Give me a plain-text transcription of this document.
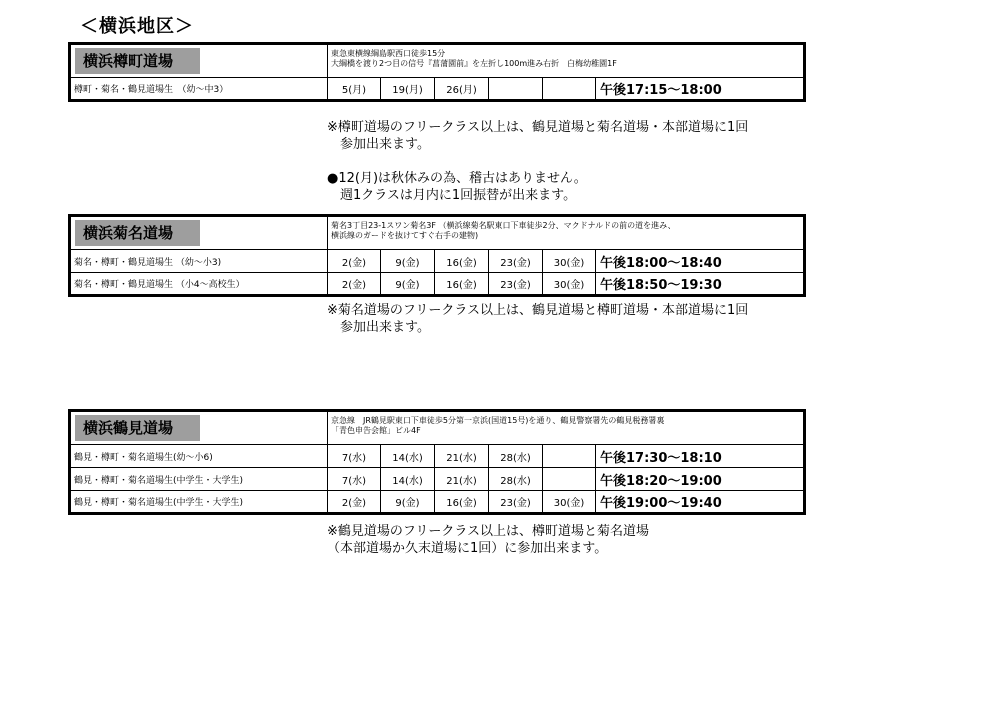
＜横浜地区＞
横浜樽町道場	東急東横線綱島駅西口徒歩15分
大綱橋を渡り2つ目の信号『菖蒲園前』を左折し100m進み右折　白梅幼稚園1F					
樽町・菊名・鶴見道場生　（幼～中3）	5(月)	19(月)	26(月)			午後17:15～18:00
※樽町道場のフリークラス以上は、鶴見道場と菊名道場・本部道場に1回
　参加出来ます。

●12(月)は秋休みの為、稽古はありません。
　週1クラスは月内に1回振替が出来ます。
横浜菊名道場	菊名3丁目23-1スワン菊名3F （横浜線菊名駅東口下車徒歩2分、マクドナルドの前の道を進み、
横浜線のガードを抜けてすぐ右手の建物)					
菊名・樽町・鶴見道場生 （幼～小3)	2(金)	9(金)	16(金)	23(金)	30(金)	午後18:00～18:40
菊名・樽町・鶴見道場生 （小4～高校生）	2(金)	9(金)	16(金)	23(金)	30(金)	午後18:50～19:30
※菊名道場のフリークラス以上は、鶴見道場と樽町道場・本部道場に1回
　参加出来ます。
横浜鶴見道場	京急線　JR鶴見駅東口下車徒歩5分第一京浜(国道15号)を通り、鶴見警察署先の鶴見税務署裏
「青色申告会館」ビル4F					
鶴見・樽町・菊名道場生(幼～小6)	7(水)	14(水)	21(水)	28(水)		午後17:30～18:10
鶴見・樽町・菊名道場生(中学生・大学生)	7(水)	14(水)	21(水)	28(水)		午後18:20～19:00
鶴見・樽町・菊名道場生(中学生・大学生)	2(金)	9(金)	16(金)	23(金)	30(金)	午後19:00～19:40
※鶴見道場のフリークラス以上は、樽町道場と菊名道場
（本部道場か久末道場に1回）に参加出来ます。
